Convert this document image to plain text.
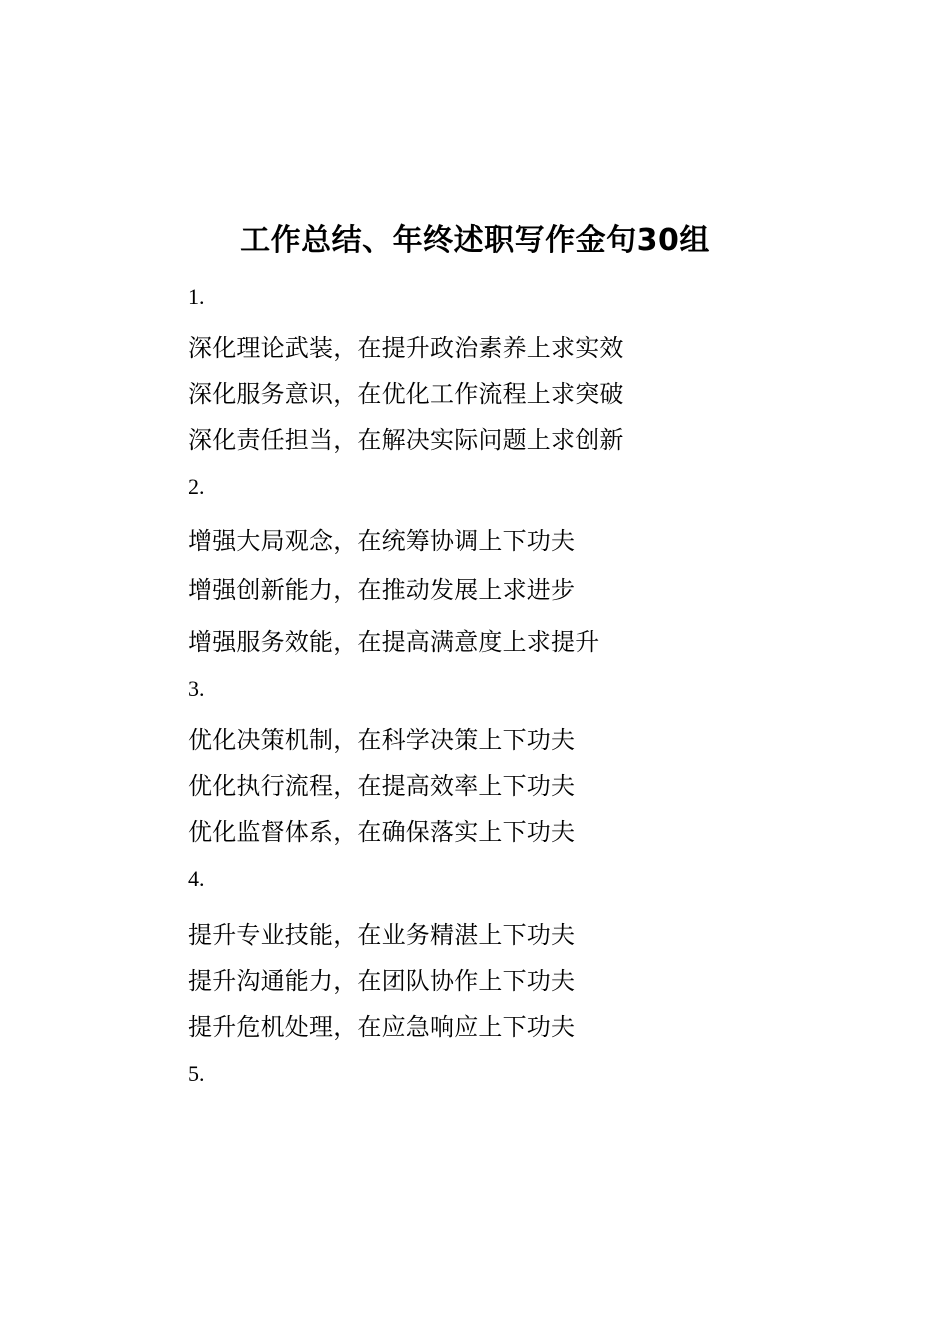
工作总结、年终述职写作金句30组
1.
深化理论武装，在提升政治素养上求实效
深化服务意识，在优化工作流程上求突破
深化责任担当，在解决实际问题上求创新
2.
增强大局观念，在统筹协调上下功夫
增强创新能力，在推动发展上求进步
增强服务效能，在提高满意度上求提升
3.
优化决策机制，在科学决策上下功夫
优化执行流程，在提高效率上下功夫
优化监督体系，在确保落实上下功夫
4.
提升专业技能，在业务精湛上下功夫
提升沟通能力，在团队协作上下功夫
提升危机处理，在应急响应上下功夫
5.
